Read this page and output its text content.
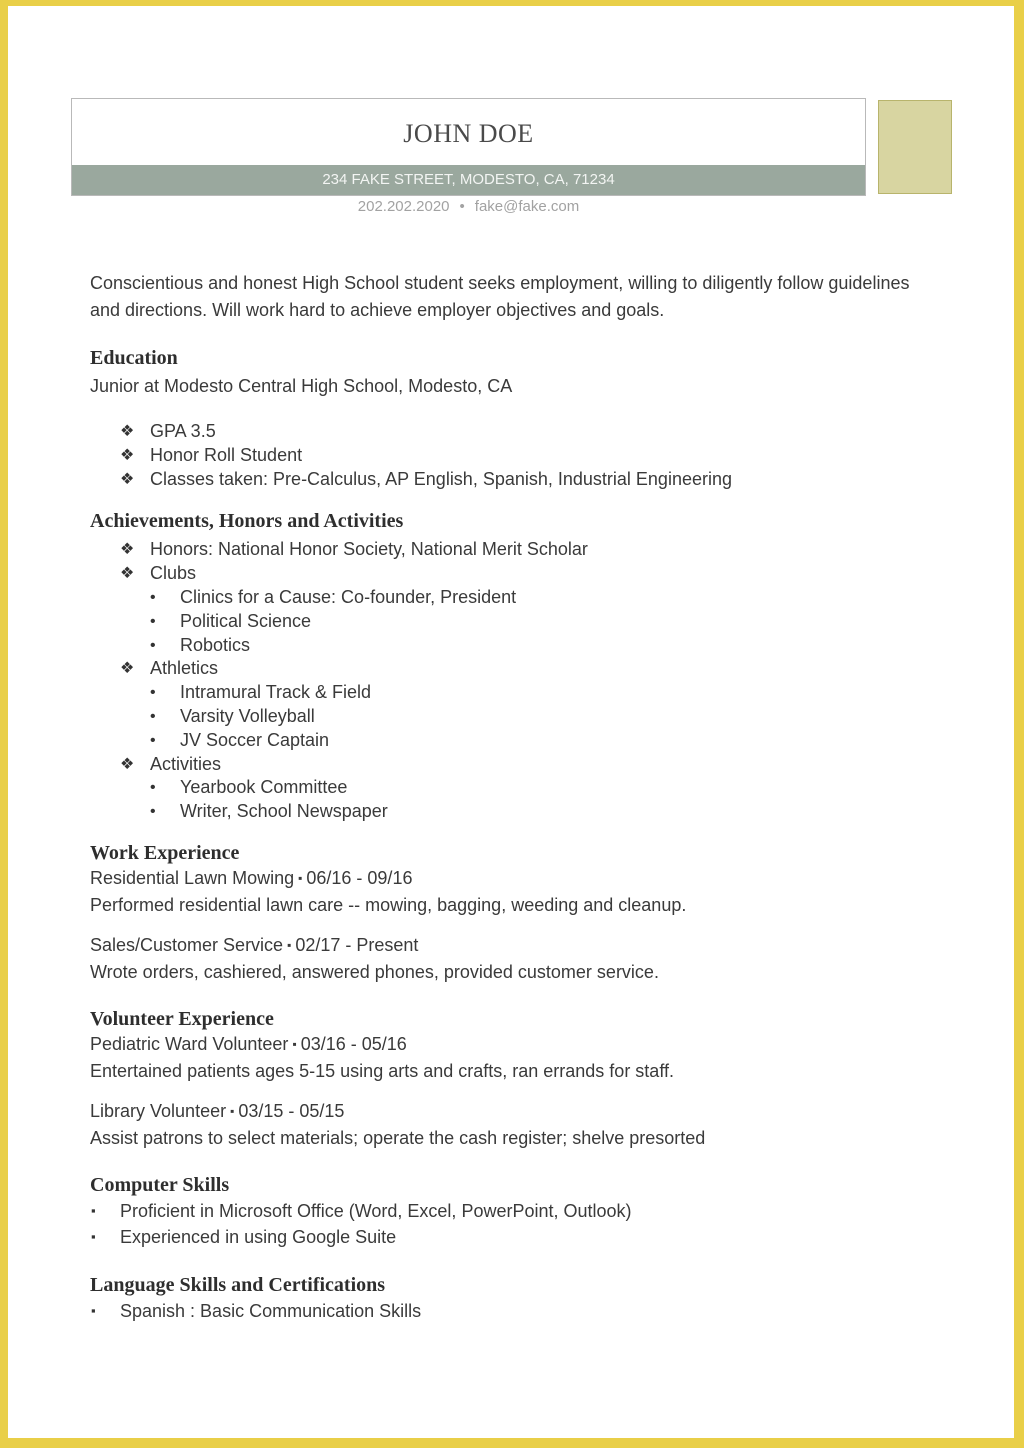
JOHN DOE
234 FAKE STREET, MODESTO, CA, 71234
202.202.2020 • fake@fake.com

Conscientious and honest High School student seeks employment, willing to diligently follow guidelines and directions. Will work hard to achieve employer objectives and goals.

Education

Junior at Modesto Central High School, Modesto, CA

❖ GPA 3.5
❖ Honor Roll Student
❖ Classes taken: Pre-Calculus, AP English, Spanish, Industrial Engineering
Achievements, Honors and Activities
❖ Honors: National Honor Society, National Merit Scholar
❖ Clubs
• Clinics for a Cause: Co-founder, President
• Political Science
• Robotics
❖ Athletics
• Intramural Track & Field
• Varsity Volleyball
• JV Soccer Captain
❖ Activities
• Yearbook Committee
• Writer, School Newspaper
Work Experience

Residential Lawn Mowing ▪ 06/16 - 09/16

Performed residential lawn care -- mowing, bagging, weeding and cleanup.

Sales/Customer Service ▪ 02/17 - Present

Wrote orders, cashiered, answered phones, provided customer service.

Volunteer Experience

Pediatric Ward Volunteer ▪ 03/16 - 05/16

Entertained patients ages 5-15 using arts and crafts, ran errands for staff.

Library Volunteer ▪ 03/15 - 05/15

Assist patrons to select materials; operate the cash register; shelve presorted

Computer Skills
▪ Proficient in Microsoft Office (Word, Excel, PowerPoint, Outlook)
▪ Experienced in using Google Suite
Language Skills and Certifications
▪ Spanish : Basic Communication Skills
